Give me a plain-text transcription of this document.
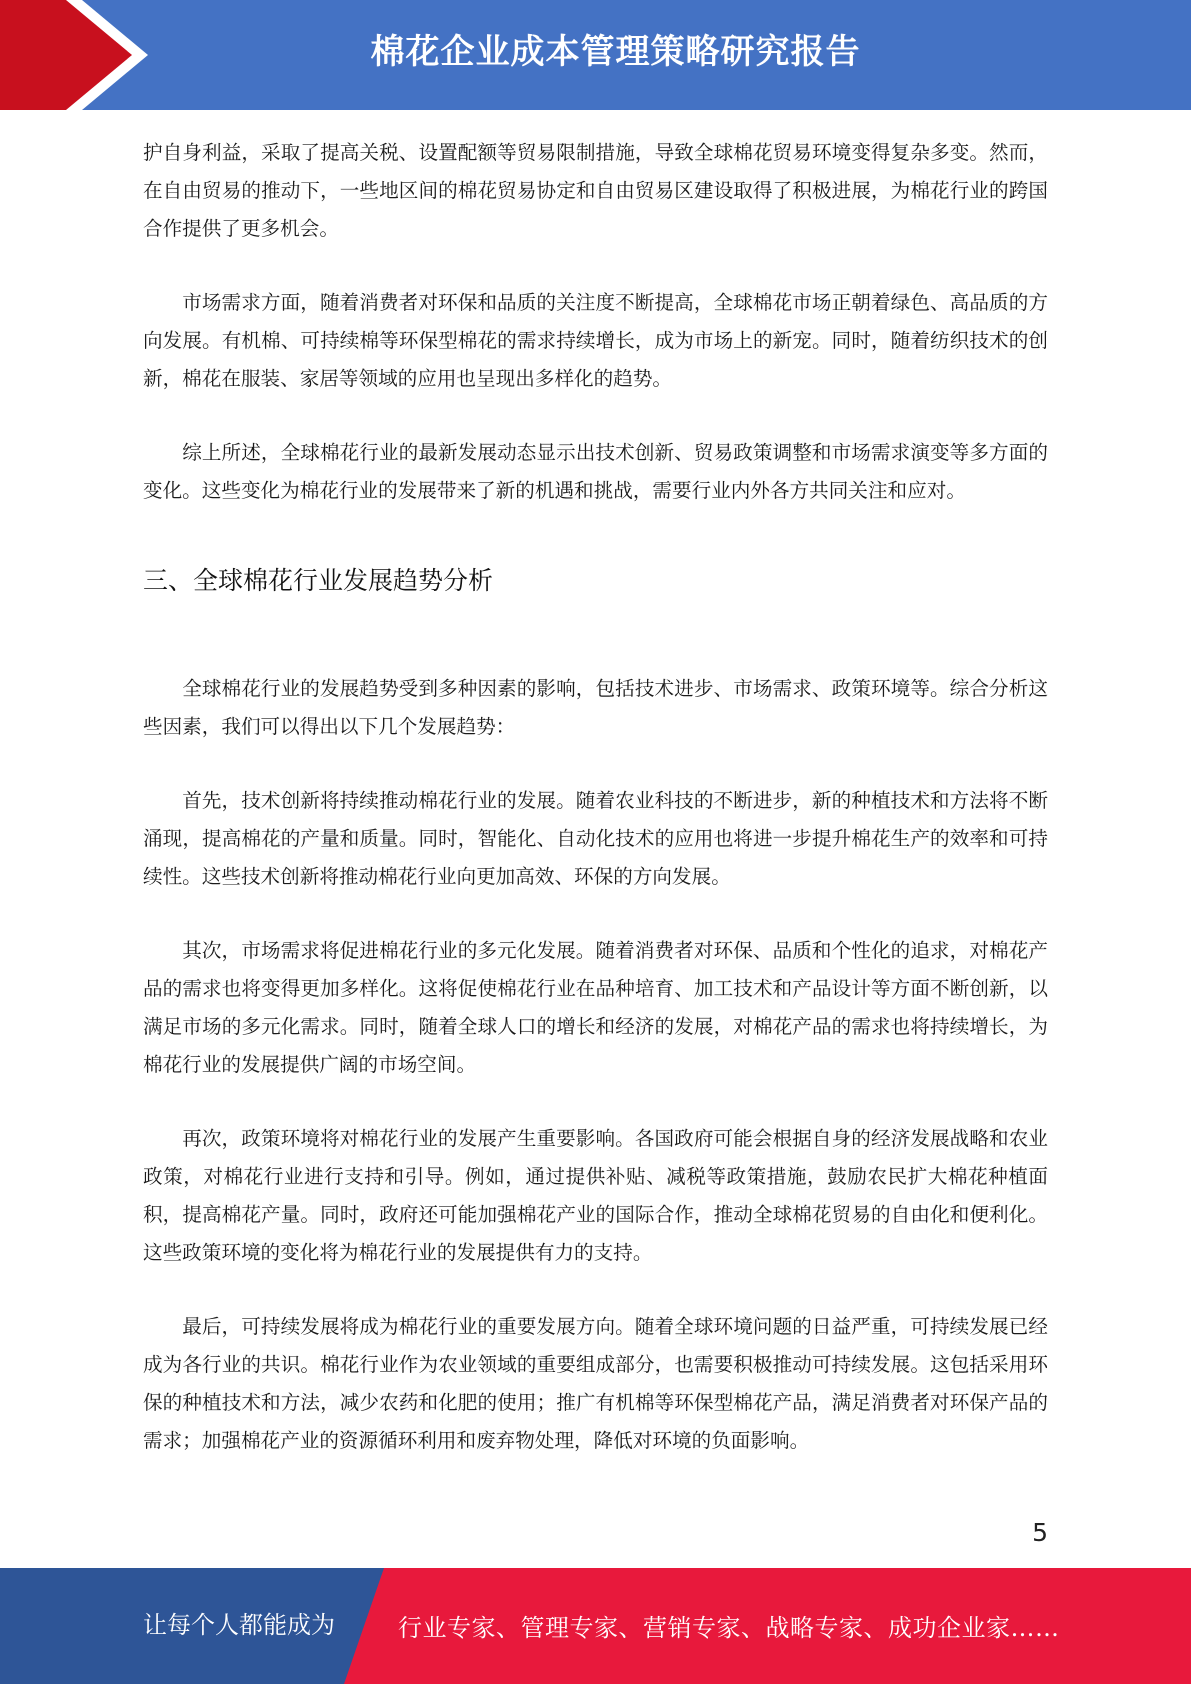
棉花企业成本管理策略研究报告

护自身利益，采取了提高关税、设置配额等贸易限制措施，导致全球棉花贸易环境变得复杂多变。然而，在自由贸易的推动下，一些地区间的棉花贸易协定和自由贸易区建设取得了积极进展，为棉花行业的跨国合作提供了更多机会。

市场需求方面，随着消费者对环保和品质的关注度不断提高，全球棉花市场正朝着绿色、高品质的方向发展。有机棉、可持续棉等环保型棉花的需求持续增长，成为市场上的新宠。同时，随着纺织技术的创新，棉花在服装、家居等领域的应用也呈现出多样化的趋势。

综上所述，全球棉花行业的最新发展动态显示出技术创新、贸易政策调整和市场需求演变等多方面的变化。这些变化为棉花行业的发展带来了新的机遇和挑战，需要行业内外各方共同关注和应对。

三、全球棉花行业发展趋势分析

全球棉花行业的发展趋势受到多种因素的影响，包括技术进步、市场需求、政策环境等。综合分析这些因素，我们可以得出以下几个发展趋势：

首先，技术创新将持续推动棉花行业的发展。随着农业科技的不断进步，新的种植技术和方法将不断涌现，提高棉花的产量和质量。同时，智能化、自动化技术的应用也将进一步提升棉花生产的效率和可持续性。这些技术创新将推动棉花行业向更加高效、环保的方向发展。

其次，市场需求将促进棉花行业的多元化发展。随着消费者对环保、品质和个性化的追求，对棉花产品的需求也将变得更加多样化。这将促使棉花行业在品种培育、加工技术和产品设计等方面不断创新，以满足市场的多元化需求。同时，随着全球人口的增长和经济的发展，对棉花产品的需求也将持续增长，为棉花行业的发展提供广阔的市场空间。

再次，政策环境将对棉花行业的发展产生重要影响。各国政府可能会根据自身的经济发展战略和农业政策，对棉花行业进行支持和引导。例如，通过提供补贴、减税等政策措施，鼓励农民扩大棉花种植面积，提高棉花产量。同时，政府还可能加强棉花产业的国际合作，推动全球棉花贸易的自由化和便利化。这些政策环境的变化将为棉花行业的发展提供有力的支持。

最后，可持续发展将成为棉花行业的重要发展方向。随着全球环境问题的日益严重，可持续发展已经成为各行业的共识。棉花行业作为农业领域的重要组成部分，也需要积极推动可持续发展。这包括采用环保的种植技术和方法，减少农药和化肥的使用；推广有机棉等环保型棉花产品，满足消费者对环保产品的需求；加强棉花产业的资源循环利用和废弃物处理，降低对环境的负面影响。

5
让每个人都能成为	行业专家、管理专家、营销专家、战略专家、成功企业家……
